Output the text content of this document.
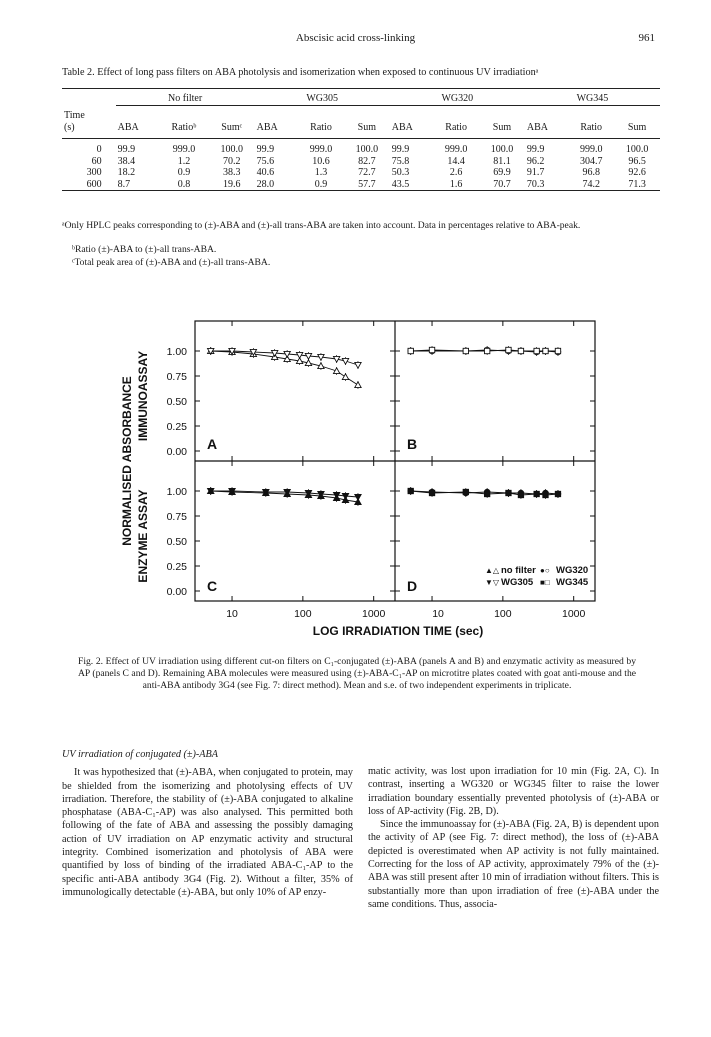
Abscisic acid cross-linking	961
Table 2. Effect of long pass filters on ABA photolysis and isomerization when exposed to continuous UV irradiationᵃ
	No filter			WG305			WG320			WG345		
Time												
(s)	ABA	Ratioᵇ	Sumᶜ	ABA	Ratio	Sum	ABA	Ratio	Sum	ABA	Ratio	Sum
0	99.9	999.0	100.0	99.9	999.0	100.0	99.9	999.0	100.0	99.9	999.0	100.0
60	38.4	1.2	70.2	75.6	10.6	82.7	75.8	14.4	81.1	96.2	304.7	96.5
300	18.2	0.9	38.3	40.6	1.3	72.7	50.3	2.6	69.9	91.7	96.8	92.6
600	8.7	0.8	19.6	28.0	0.9	57.7	43.5	1.6	70.7	70.3	74.2	71.3

ᵃOnly HPLC peaks corresponding to (±)-ABA and (±)-all trans-ABA are taken into account. Data in percentages relative to ABA-peak.
ᵇRatio (±)-ABA to (±)-all trans-ABA.
ᶜTotal peak area of (±)-ABA and (±)-all trans-ABA.
1.00
0.75
0.50
0.25
0.00
1.00
0.75
0.50
0.25
0.00
10	10
100	100
1000	1000
LOG IRRADIATION TIME (sec)
NORMALISED ABSORBANCE IMMUNOASSAY
ENZYME ASSAY
A	B
C	D
▲△ no filter ●○ WG320
▼▽ WG305 ■□ WG345
Fig. 2. Effect of UV irradiation using different cut-on filters on C₁-conjugated (±)-ABA (panels A and B) and enzymatic activity as measured by AP (panels C and D). Remaining ABA molecules were measured using (±)-ABA-C₁-AP on microtitre plates coated with goat anti-mouse and the anti-ABA antibody 3G4 (see Fig. 7: direct method). Mean and s.e. of two independent experiments in triplicate.

UV irradiation of conjugated (±)-ABA

It was hypothesized that (±)-ABA, when conjugated to protein, may be shielded from the isomerizing and photolysing effects of UV irradiation. Therefore, the stability of (±)-ABA conjugated to alkaline phosphatase (ABA-C₁-AP) was also analysed. This permitted both following of the fate of ABA and assessing the possibly damaging action of UV irradiation on AP enzymatic activity and structural integrity. Combined isomerization and photolysis of ABA were quantified by loss of binding of the irradiated ABA-C₁-AP to the specific anti-ABA antibody 3G4 (Fig. 2). Without a filter, 35% of immunologically detectable (±)-ABA, but only 10% of AP enzy-

matic activity, was lost upon irradiation for 10 min (Fig. 2A, C). In contrast, inserting a WG320 or WG345 filter to raise the lower irradiation boundary essentially prevented photolysis of (±)-ABA or loss of AP-activity (Fig. 2B, D).

Since the immunoassay for (±)-ABA (Fig. 2A, B) is dependent upon the activity of AP (see Fig. 7: direct method), the loss of (±)-ABA depicted is overestimated when AP activity is not fully maintained. Correcting for the loss of AP activity, approximately 79% of the (±)-ABA was still present after 10 min of irradiation without filters. This is substantially more than upon irradiation of free (±)-ABA under the same conditions. Thus, associa-
